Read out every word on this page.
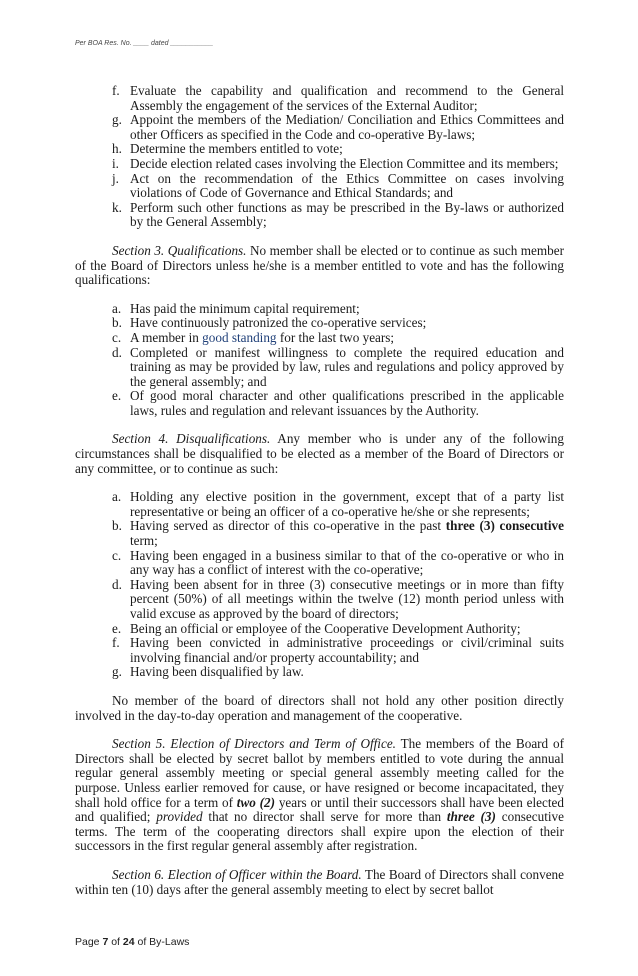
Per BOA Res. No. ____ dated ___________
f. Evaluate the capability and qualification and recommend to the General Assembly the engagement of the services of the External Auditor;
g. Appoint the members of the Mediation/ Conciliation and Ethics Committees and other Officers as specified in the Code and co-operative By-laws;
h. Determine the members entitled to vote;
i. Decide election related cases involving the Election Committee and its members;
j. Act on the recommendation of the Ethics Committee on cases involving violations of Code of Governance and Ethical Standards; and
k. Perform such other functions as may be prescribed in the By-laws or authorized by the General Assembly;

Section 3. Qualifications. No member shall be elected or to continue as such member of the Board of Directors unless he/she is a member entitled to vote and has the following qualifications:

a. Has paid the minimum capital requirement;
b. Have continuously patronized the co-operative services;
c. A member in good standing for the last two years;
d. Completed or manifest willingness to complete the required education and training as may be provided by law, rules and regulations and policy approved by the general assembly; and
e. Of good moral character and other qualifications prescribed in the applicable laws, rules and regulation and relevant issuances by the Authority.

Section 4. Disqualifications. Any member who is under any of the following circumstances shall be disqualified to be elected as a member of the Board of Directors or any committee, or to continue as such:

a. Holding any elective position in the government, except that of a party list representative or being an officer of a co-operative he/she or she represents;
b. Having served as director of this co-operative in the past three (3) consecutive term;
c. Having been engaged in a business similar to that of the co-operative or who in any way has a conflict of interest with the co-operative;
d. Having been absent for in three (3) consecutive meetings or in more than fifty percent (50%) of all meetings within the twelve (12) month period unless with valid excuse as approved by the board of directors;
e. Being an official or employee of the Cooperative Development Authority;
f. Having been convicted in administrative proceedings or civil/criminal suits involving financial and/or property accountability; and
g. Having been disqualified by law.

No member of the board of directors shall not hold any other position directly involved in the day-to-day operation and management of the cooperative.

Section 5. Election of Directors and Term of Office. The members of the Board of Directors shall be elected by secret ballot by members entitled to vote during the annual regular general assembly meeting or special general assembly meeting called for the purpose. Unless earlier removed for cause, or have resigned or become incapacitated, they shall hold office for a term of two (2) years or until their successors shall have been elected and qualified; provided that no director shall serve for more than three (3) consecutive terms. The term of the cooperating directors shall expire upon the election of their successors in the first regular general assembly after registration.

Section 6. Election of Officer within the Board. The Board of Directors shall convene within ten (10) days after the general assembly meeting to elect by secret ballot

Page 7 of 24 of By-Laws
